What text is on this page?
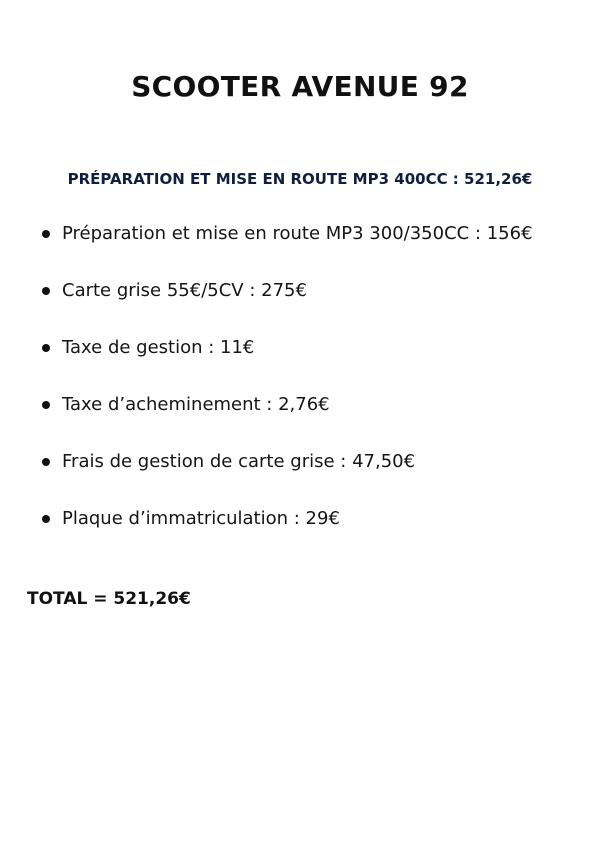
SCOOTER AVENUE 92
PRÉPARATION ET MISE EN ROUTE MP3 400CC : 521,26€
Préparation et mise en route MP3 300/350CC : 156€
Carte grise 55€/5CV : 275€
Taxe de gestion : 11€
Taxe d’acheminement : 2,76€
Frais de gestion de carte grise : 47,50€
Plaque d’immatriculation : 29€
TOTAL = 521,26€
